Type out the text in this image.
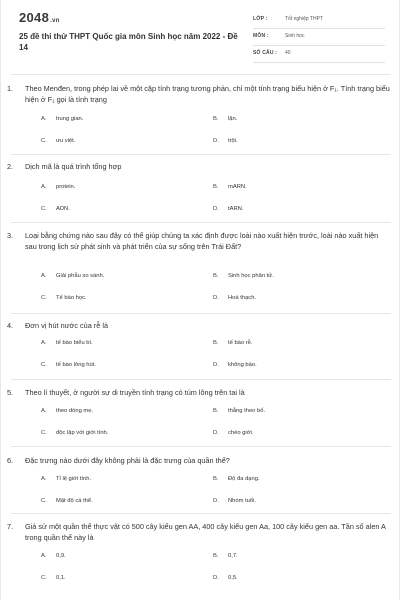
2048.vn
25 đề thi thử THPT Quốc gia môn Sinh học năm 2022 - Đề 14
LỚP :	Tốt nghiệp THPT
MÔN :	Sinh học
SỐ CÂU : 40
1. Theo Menđen, trong phép lai về một cặp tính trạng tương phản, chỉ một tính trạng biểu hiện ở F₁. Tính trạng biểu hiện ở F₁ gọi là tính trạng
A. trung gian.	B. lặn.
C. ưu việt.	D. trội.
2. Dịch mã là quá trình tổng hợp
A. protein.	B. mARN.
C. ADN.	D. tARN.
3. Loại bằng chứng nào sau đây có thể giúp chúng ta xác định được loài nào xuất hiện trước, loài nào xuất hiện sau trong lịch sử phát sinh và phát triển của sự sống trên Trái Đất?
A. Giải phẫu so sánh.	B. Sinh học phân tử.
C. Tế bào học.	D. Hoá thạch.
4. Đơn vị hút nước của rễ là
A. tế bào biểu bì.	B. tế bào rễ.
C. tế bào lông hút.	D. không bào.
5. Theo lí thuyết, ở người sự di truyền tính trạng có túm lông trên tai là
A. theo dòng mẹ.	B. thẳng theo bố.
C. độc lập với giới tính.	D. chéo giới.
6. Đặc trưng nào dưới đây không phải là đặc trưng của quần thể?
A. Tỉ lệ giới tính.	B. Độ đa dạng.
C. Mật độ cá thể.	D. Nhóm tuổi.
7. Giả sử một quần thể thực vật có 500 cây kiểu gen AA, 400 cây kiểu gen Aa, 100 cây kiểu gen aa. Tần số alen A trong quần thể này là
A. 0,9.	B. 0,7.
C. 0,1.	D. 0,5.
